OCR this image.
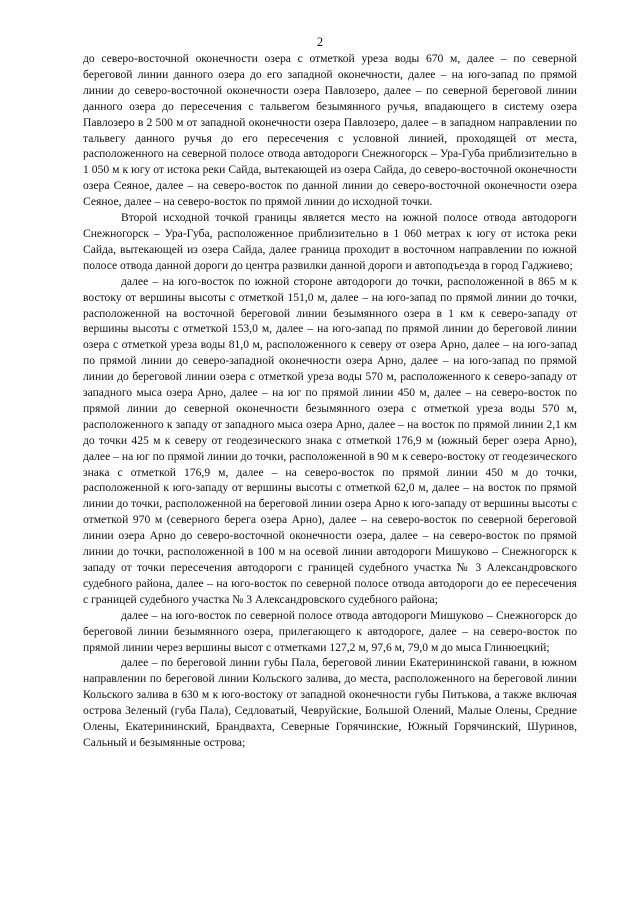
2

до северо-восточной оконечности озера с отметкой уреза воды 670 м, далее – по северной береговой линии данного озера до его западной оконечности, далее – на юго-запад по прямой линии до северо-восточной оконечности озера Павлозеро, далее – по северной береговой линии данного озера до пересечения с тальвегом безымянного ручья, впадающего в систему озера Павлозеро в 2 500 м от западной оконечности озера Павлозеро, далее – в западном направлении по тальвегу данного ручья до его пересечения с условной линией, проходящей от места, расположенного на северной полосе отвода автодороги Снежногорск – Ура-Губа приблизительно в 1 050 м к югу от истока реки Сайда, вытекающей из озера Сайда, до северо-восточной оконечности озера Сеяное, далее – на северо-восток по данной линии до северо-восточной оконечности озера Сеяное, далее – на северо-восток по прямой линии до исходной точки.

Второй исходной точкой границы является место на южной полосе отвода автодороги Снежногорск – Ура-Губа, расположенное приблизительно в 1 060 метрах к югу от истока реки Сайда, вытекающей из озера Сайда, далее граница проходит в восточном направлении по южной полосе отвода данной дороги до центра развилки данной дороги и автоподъезда в город Гаджиево;

далее – на юго-восток по южной стороне автодороги до точки, расположенной в 865 м к востоку от вершины высоты с отметкой 151,0 м, далее – на юго-запад по прямой линии до точки, расположенной на восточной береговой линии безымянного озера в 1 км к северо-западу от вершины высоты с отметкой 153,0 м, далее – на юго-запад по прямой линии до береговой линии озера с отметкой уреза воды 81,0 м, расположенного к северу от озера Арно, далее – на юго-запад по прямой линии до северо-западной оконечности озера Арно, далее – на юго-запад по прямой линии до береговой линии озера с отметкой уреза воды 570 м, расположенного к северо-западу от западного мыса озера Арно, далее – на юг по прямой линии 450 м, далее – на северо-восток по прямой линии до северной оконечности безымянного озера с отметкой уреза воды 570 м, расположенного к западу от западного мыса озера Арно, далее – на восток по прямой линии 2,1 км до точки 425 м к северу от геодезического знака с отметкой 176,9 м (южный берег озера Арно), далее – на юг по прямой линии до точки, расположенной в 90 м к северо-востоку от геодезического знака с отметкой 176,9 м, далее – на северо-восток по прямой линии 450 м до точки, расположенной к юго-западу от вершины высоты с отметкой 62,0 м, далее – на восток по прямой линии до точки, расположенной на береговой линии озера Арно к юго-западу от вершины высоты с отметкой 970 м (северного берега озера Арно), далее – на северо-восток по северной береговой линии озера Арно до северо-восточной оконечности озера, далее – на северо-восток по прямой линии до точки, расположенной в 100 м на осевой линии автодороги Мишуково – Снежногорск к западу от точки пересечения автодороги с границей судебного участка № 3 Александровского судебного района, далее – на юго-восток по северной полосе отвода автодороги до ее пересечения с границей судебного участка № 3 Александровского судебного района;

далее – на юго-восток по северной полосе отвода автодороги Мишуково – Снежногорск до береговой линии безымянного озера, прилегающего к автодороге, далее – на северо-восток по прямой линии через вершины высот с отметками 127,2 м, 97,6 м, 79,0 м до мыса Глинюецкий;

далее – по береговой линии губы Пала, береговой линии Екатерининской гавани, в южном направлении по береговой линии Кольского залива, до места, расположенного на береговой линии Кольского залива в 630 м к юго-востоку от западной оконечности губы Питькова, а также включая острова Зеленый (губа Пала), Седловатый, Чевруйские, Большой Олений, Малые Олены, Средние Олены, Екатерининский, Брандвахта, Северные Горячинские, Южный Горячинский, Шуринов, Сальный и безымянные острова;
